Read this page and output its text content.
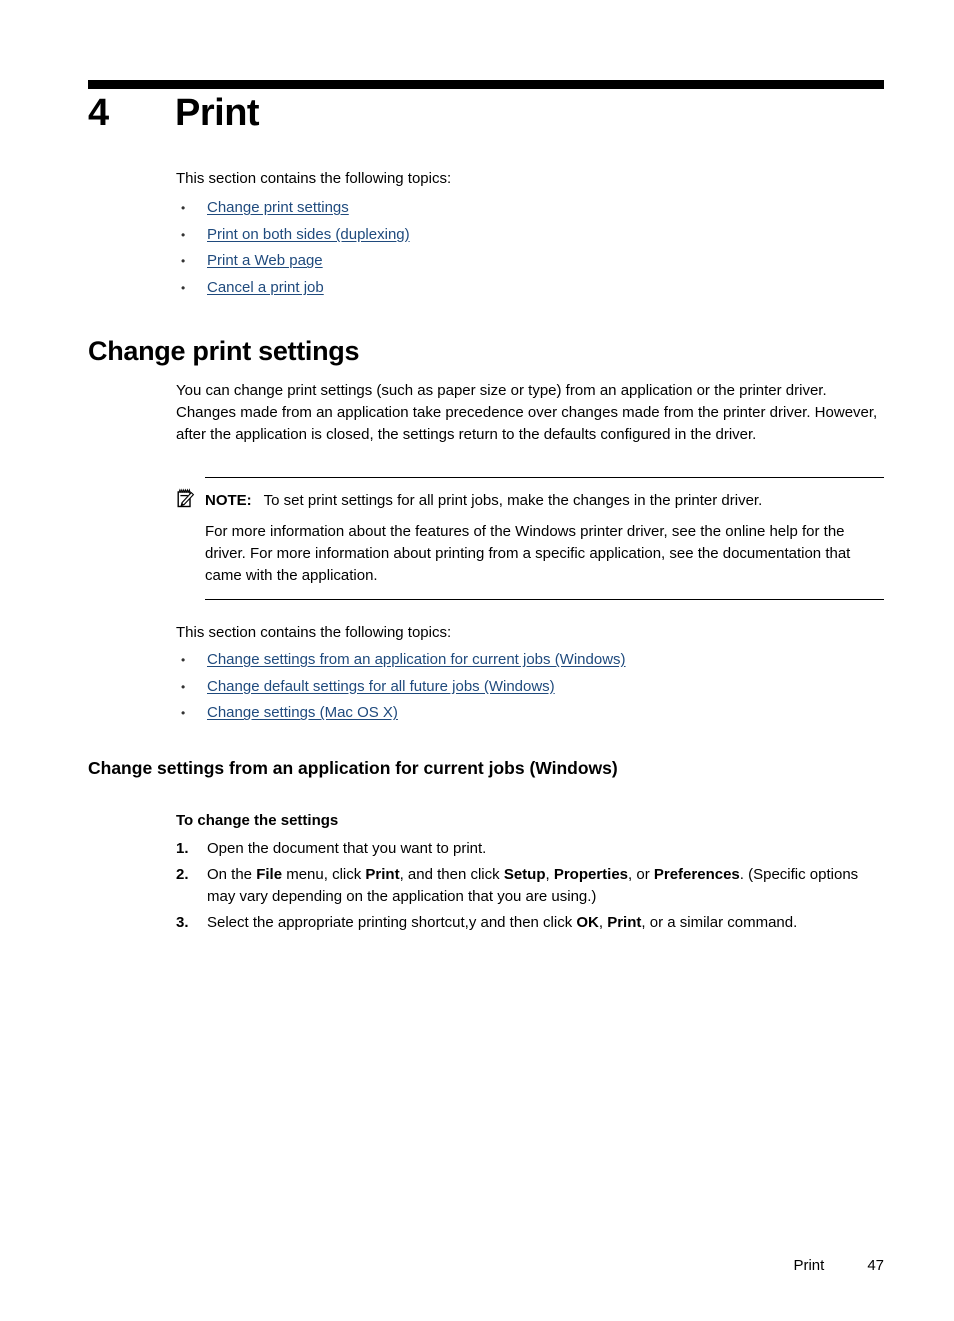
4	Print

This section contains the following topics:

•	Change print settings
•	Print on both sides (duplexing)
•	Print a Web page
•	Cancel a print job
Change print settings

You can change print settings (such as paper size or type) from an application or the printer driver. Changes made from an application take precedence over changes made from the printer driver. However, after the application is closed, the settings return to the defaults configured in the driver.

NOTE: To set print settings for all print jobs, make the changes in the printer driver.

For more information about the features of the Windows printer driver, see the online help for the driver. For more information about printing from a specific application, see the documentation that came with the application.

This section contains the following topics:

•	Change settings from an application for current jobs (Windows)
•	Change default settings for all future jobs (Windows)
•	Change settings (Mac OS X)
Change settings from an application for current jobs (Windows)

To change the settings

1.	Open the document that you want to print.
2.	On the File menu, click Print, and then click Setup, Properties, or Preferences. (Specific options may vary depending on the application that you are using.)
3.	Select the appropriate printing shortcut,y and then click OK, Print, or a similar command.
Print	47
